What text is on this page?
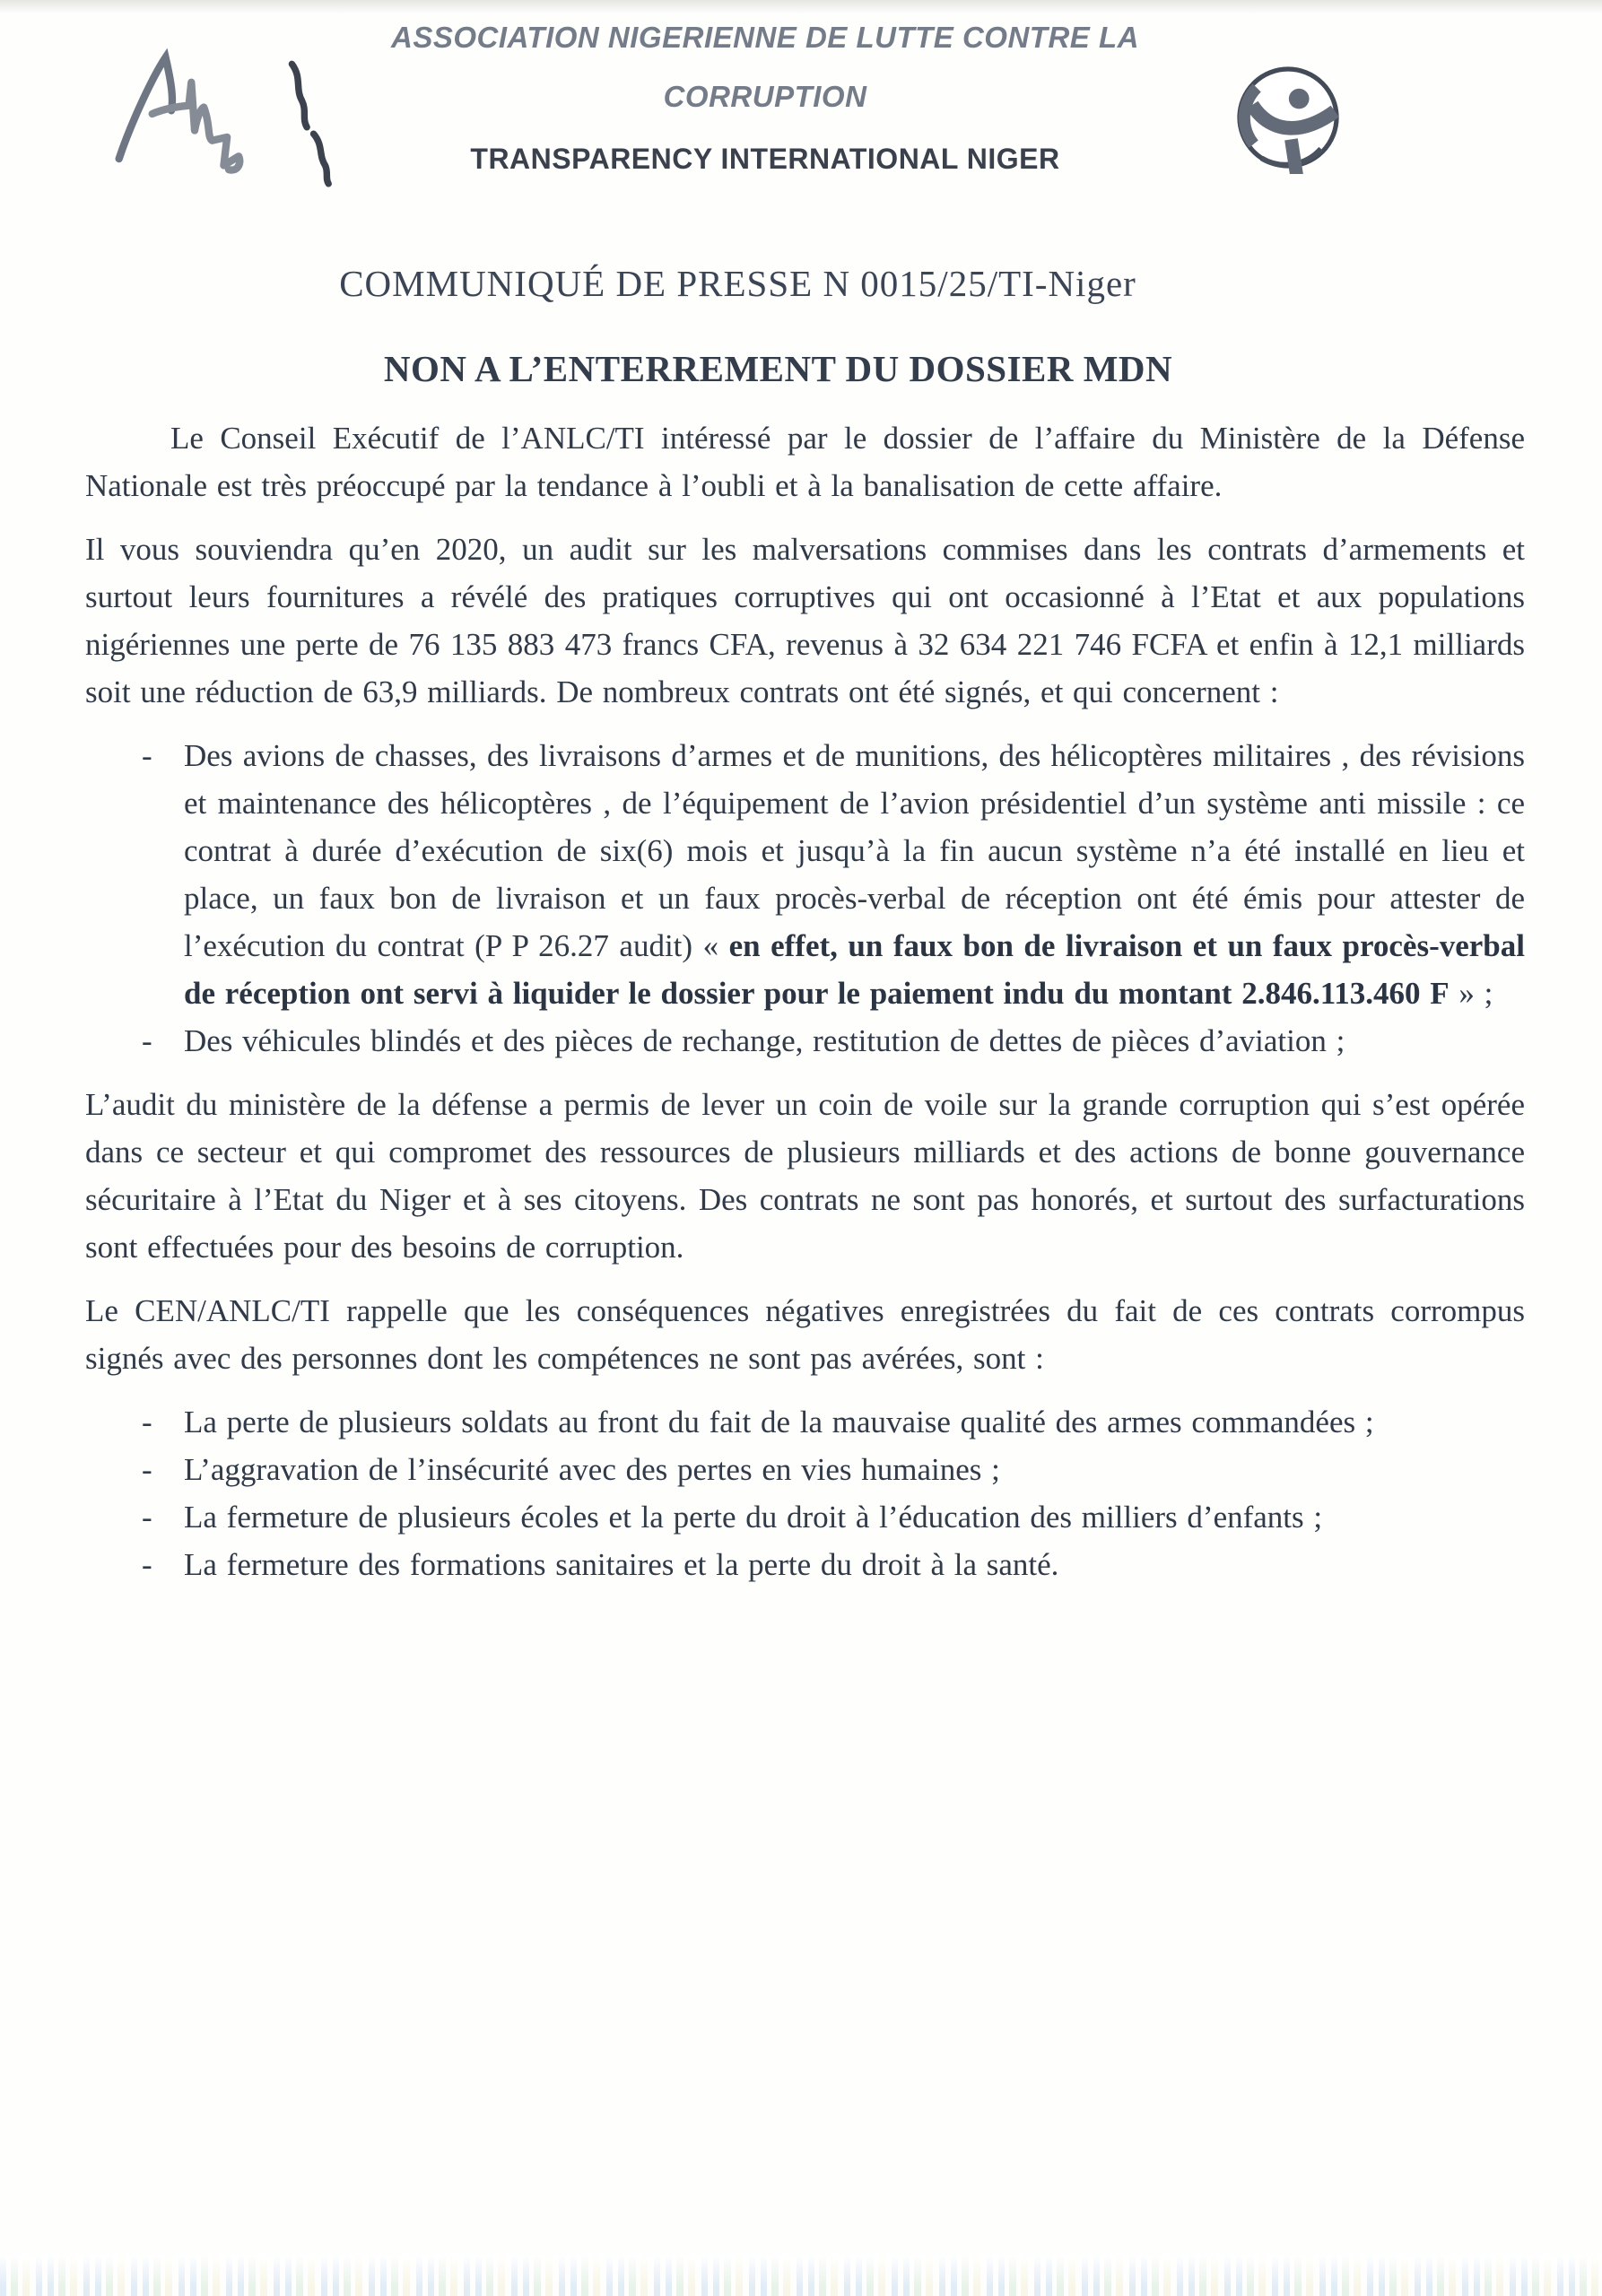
ASSOCIATION NIGERIENNE DE LUTTE CONTRE LA
CORRUPTION
TRANSPARENCY INTERNATIONAL NIGER
COMMUNIQUÉ DE PRESSE N 0015/25/TI-Niger
NON A L’ENTERREMENT DU DOSSIER MDN

Le Conseil Exécutif de l’ANLC/TI intéressé par le dossier de l’affaire du Ministère de la Défense Nationale est très préoccupé par la tendance à l’oubli et à la banalisation de cette affaire.

Il vous souviendra qu’en 2020, un audit sur les malversations commises dans les contrats d’armements et surtout leurs fournitures a révélé des pratiques corruptives qui ont occasionné à l’Etat et aux populations nigériennes une perte de 76 135 883 473 francs CFA, revenus à 32 634 221 746 FCFA et enfin à 12,1 milliards soit une réduction de 63,9 milliards. De nombreux contrats ont été signés, et qui concernent :

- Des avions de chasses, des livraisons d’armes et de munitions, des hélicoptères militaires , des révisions et maintenance des hélicoptères , de l’équipement de l’avion présidentiel d’un système anti missile : ce contrat à durée d’exécution de six(6) mois et jusqu’à la fin aucun système n’a été installé en lieu et place, un faux bon de livraison et un faux procès-verbal de réception ont été émis pour attester de l’exécution du contrat (P P 26.27 audit) « en effet, un faux bon de livraison et un faux procès-verbal de réception ont servi à liquider le dossier pour le paiement indu du montant 2.846.113.460 F » ;
- Des véhicules blindés et des pièces de rechange, restitution de dettes de pièces d’aviation ;

L’audit du ministère de la défense a permis de lever un coin de voile sur la grande corruption qui s’est opérée dans ce secteur et qui compromet des ressources de plusieurs milliards et des actions de bonne gouvernance sécuritaire à l’Etat du Niger et à ses citoyens. Des contrats ne sont pas honorés, et surtout des surfacturations sont effectuées pour des besoins de corruption.

Le CEN/ANLC/TI rappelle que les conséquences négatives enregistrées du fait de ces contrats corrompus signés avec des personnes dont les compétences ne sont pas avérées, sont :

- La perte de plusieurs soldats au front du fait de la mauvaise qualité des armes commandées ;
- L’aggravation de l’insécurité avec des pertes en vies humaines ;
- La fermeture de plusieurs écoles et la perte du droit à l’éducation des milliers d’enfants ;
- La fermeture des formations sanitaires et la perte du droit à la santé.
